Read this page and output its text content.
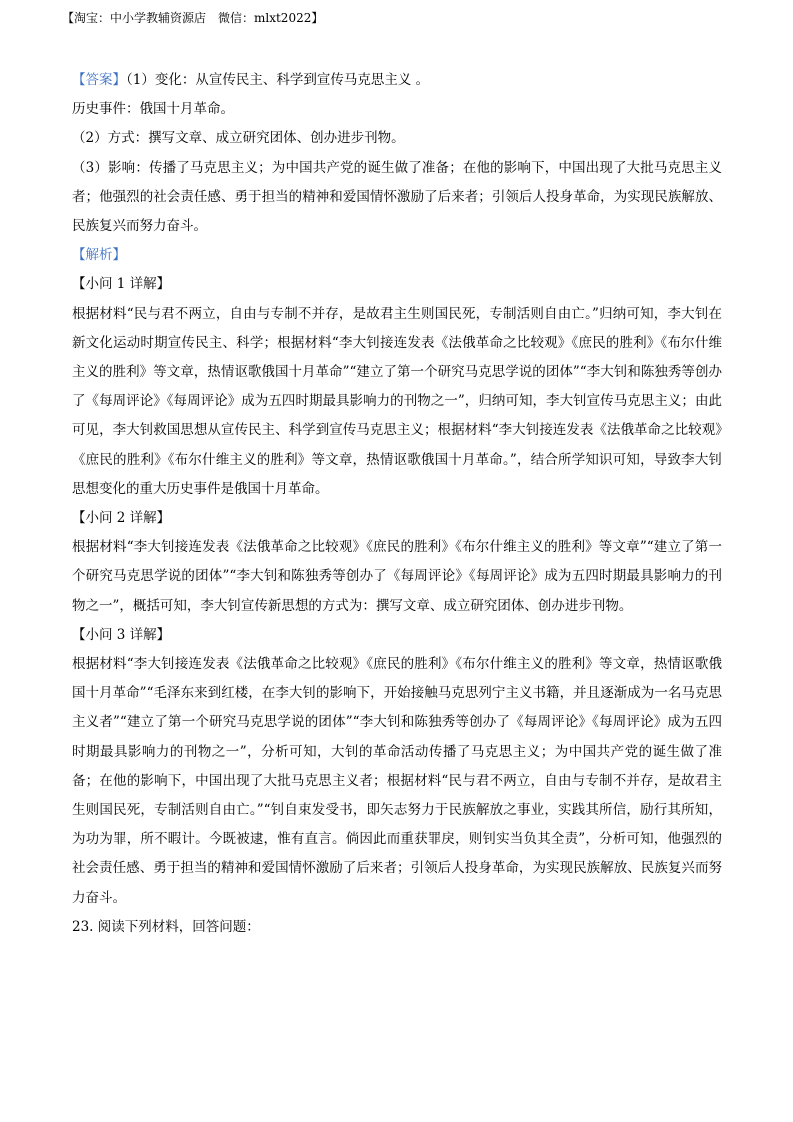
【淘宝：中小学教辅资源店　微信：mlxt2022】

【答案】（1）变化：从宣传民主、科学到宣传马克思主义 。

历史事件：俄国十月革命。

（2）方式：撰写文章、成立研究团体、创办进步刊物。

（3）影响：传播了马克思主义；为中国共产党的诞生做了准备；在他的影响下，中国出现了大批马克思主义者；他强烈的社会责任感、勇于担当的精神和爱国情怀激励了后来者；引领后人投身革命，为实现民族解放、民族复兴而努力奋斗。

【解析】

【小问 1 详解】

根据材料“民与君不两立，自由与专制不并存，是故君主生则国民死，专制活则自由亡。”归纳可知，李大钊在新文化运动时期宣传民主、科学；根据材料“李大钊接连发表《法俄革命之比较观》《庶民的胜利》《布尔什维主义的胜利》等文章，热情讴歌俄国十月革命”“建立了第一个研究马克思学说的团体”“李大钊和陈独秀等创办了《每周评论》《每周评论》成为五四时期最具影响力的刊物之一”，归纳可知，李大钊宣传马克思主义；由此可见，李大钊救国思想从宣传民主、科学到宣传马克思主义；根据材料“李大钊接连发表《法俄革命之比较观》《庶民的胜利》《布尔什维主义的胜利》等文章，热情讴歌俄国十月革命。”，结合所学知识可知，导致李大钊思想变化的重大历史事件是俄国十月革命。

【小问 2 详解】

根据材料“李大钊接连发表《法俄革命之比较观》《庶民的胜利》《布尔什维主义的胜利》等文章”“建立了第一个研究马克思学说的团体”“李大钊和陈独秀等创办了《每周评论》《每周评论》成为五四时期最具影响力的刊物之一”，概括可知，李大钊宣传新思想的方式为：撰写文章、成立研究团体、创办进步刊物。

【小问 3 详解】

根据材料“李大钊接连发表《法俄革命之比较观》《庶民的胜利》《布尔什维主义的胜利》等文章，热情讴歌俄国十月革命”“毛泽东来到红楼，在李大钊的影响下，开始接触马克思列宁主义书籍，并且逐渐成为一名马克思主义者”“建立了第一个研究马克思学说的团体”“李大钊和陈独秀等创办了《每周评论》《每周评论》成为五四时期最具影响力的刊物之一”，分析可知，大钊的革命活动传播了马克思主义；为中国共产党的诞生做了准备；在他的影响下，中国出现了大批马克思主义者；根据材料“民与君不两立，自由与专制不并存，是故君主生则国民死，专制活则自由亡。”“钊自束发受书，即矢志努力于民族解放之事业，实践其所信，励行其所知，为功为罪，所不暇计。今既被逮，惟有直言。倘因此而重获罪戾，则钊实当负其全责”，分析可知，他强烈的社会责任感、勇于担当的精神和爱国情怀激励了后来者；引领后人投身革命，为实现民族解放、民族复兴而努力奋斗。

23. 阅读下列材料，回答问题：
